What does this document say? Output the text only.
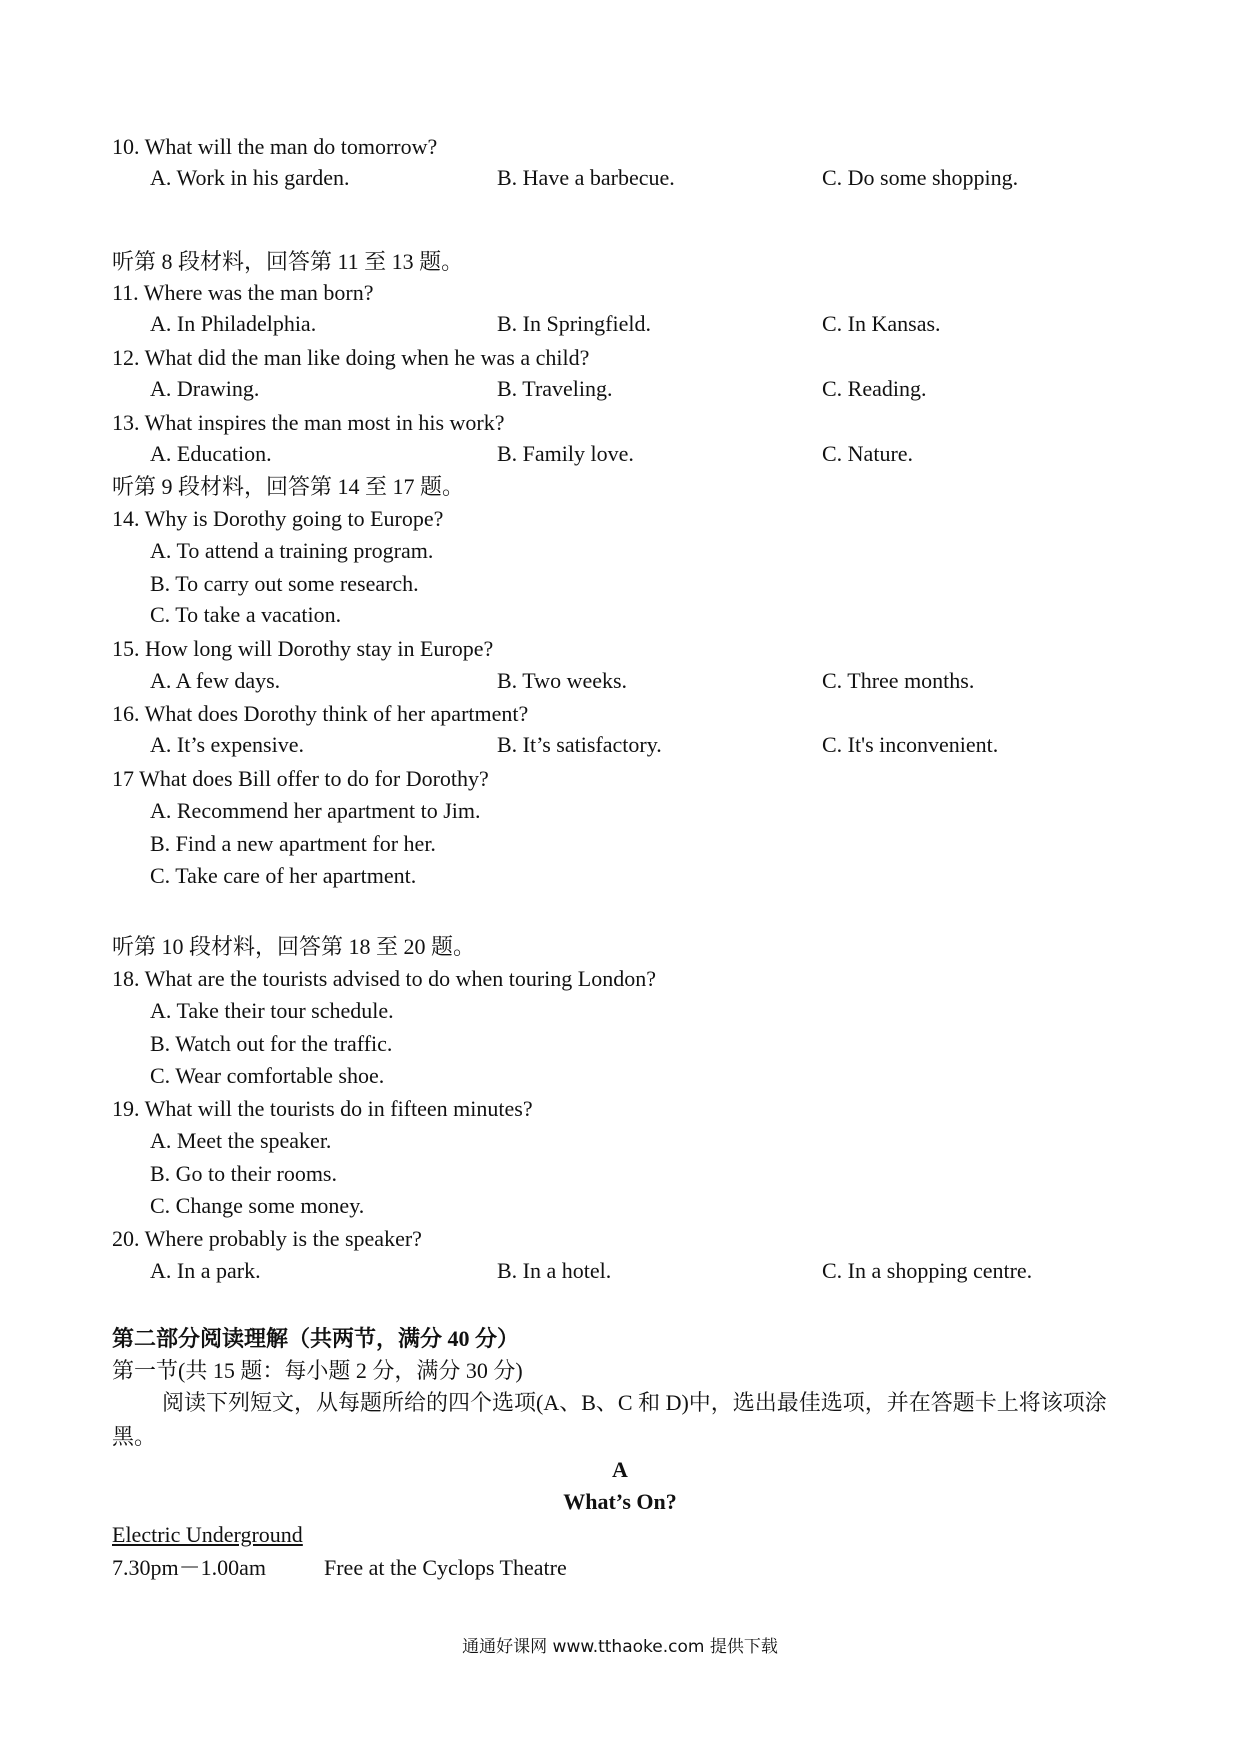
10. What will the man do tomorrow?
A. Work in his garden.	B. Have a barbecue.	C. Do some shopping.
听第 8 段材料，回答第 11 至 13 题。
11. Where was the man born?
A. In Philadelphia.	B. In Springfield.	C. In Kansas.
12. What did the man like doing when he was a child?
A. Drawing.	B. Traveling.	C. Reading.
13. What inspires the man most in his work?
A. Education.	B. Family love.	C. Nature.
听第 9 段材料，回答第 14 至 17 题。
14. Why is Dorothy going to Europe?
A. To attend a training program.
B. To carry out some research.
C. To take a vacation.
15. How long will Dorothy stay in Europe?
A. A few days.	B. Two weeks.	C. Three months.
16. What does Dorothy think of her apartment?
A. It’s expensive.	B. It’s satisfactory.	C. It's inconvenient.
17 What does Bill offer to do for Dorothy?
A. Recommend her apartment to Jim.
B. Find a new apartment for her.
C. Take care of her apartment.
听第 10 段材料，回答第 18 至 20 题。
18. What are the tourists advised to do when touring London?
A. Take their tour schedule.
B. Watch out for the traffic.
C. Wear comfortable shoe.
19. What will the tourists do in fifteen minutes?
A. Meet the speaker.
B. Go to their rooms.
C. Change some money.
20. Where probably is the speaker?
A. In a park.	B. In a hotel.	C. In a shopping centre.
第二部分阅读理解（共两节，满分 40 分）
第一节(共 15 题：每小题 2 分，满分 30 分)
阅读下列短文，从每题所给的四个选项(A、B、C 和 D)中，选出最佳选项，并在答题卡上将该项涂黑。
A
What’s On?
Electric Underground
7.30pm－1.00am	Free at the Cyclops Theatre
通通好课网 www.tthaoke.com 提供下载
